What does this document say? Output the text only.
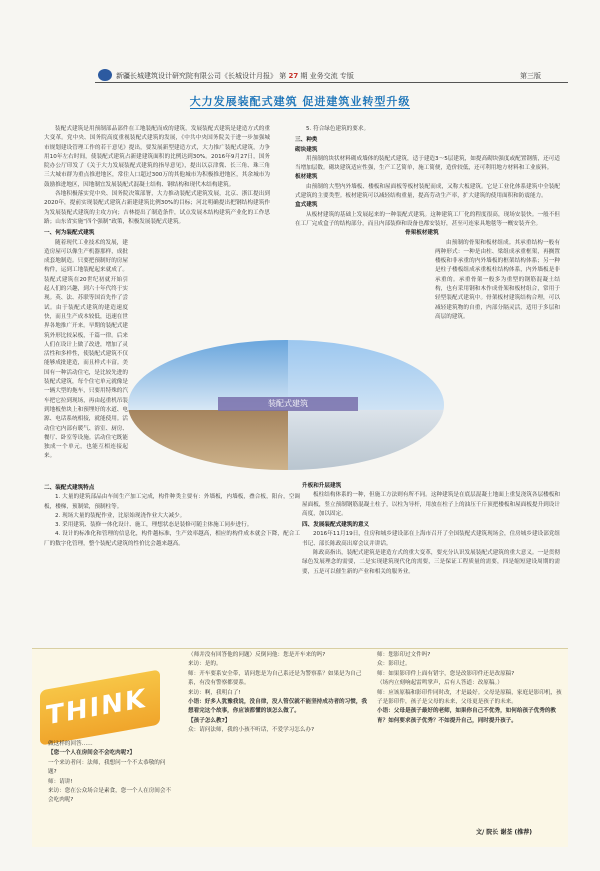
新疆长城建筑设计研究院有限公司《长城设计月报》 第 27 期 业务交流 专版	第三版
大力发展装配式建筑 促进建筑业转型升级

装配式建筑是用预制部品部件在工地装配而成的建筑，发展装配式建筑是建造方式的重大变革。党中央、国务院高度重视装配式建筑的发展，《中共中央国务院关于进一步加强城市规划建设管理工作的若干意见》提出，要发展新型建造方式，大力推广装配式建筑，力争用10年左右时间，使装配式建筑占新建建筑面积的比例达到30%。2016年9月27日，国务院办公厅印发了《关于大力发展装配式建筑的指导意见》，提出以京津冀、长三角、珠三角三大城市群为重点推进地区，常住人口超过300万的其他城市为积极推进地区，其余城市为鼓励推进地区，因地制宜发展装配式混凝土结构、钢结构和现代木结构建筑。

各地积极落实党中央、国务院决策部署，大力推动装配式建筑发展，北京、浙江提出到2020年，提前实现装配式建筑占新建建筑比例30%的目标；河北明确提出把钢结构建筑作为发展装配式建筑的主攻方向；吉林提出了制造条件，试点发展木结构建筑产业化的工作思路；山东省实施“四个强制”政策，积极发展装配式建筑。

一、何为装配式建筑

随着现代工业技术的发展，建造房屋可以像生产机器那样，成批成套地制造。只要把预制好的房屋构件，运到工地装配起来就成了。装配式建筑在20世纪初就开始引起人们的兴趣，到六十年代终于实现。英、法、苏联等国首先作了尝试。由于装配式建筑的建造速度快，而且生产成本较低，迅速在世界各地推广开来。早期的装配式建筑外形比较呆板，千篇一律。后来人们在设计上做了改进，增加了灵活性和多样性，使装配式建筑不仅能够成批建造，而且样式丰富。美国有一种活动住宅，是比较先进的装配式建筑，每个住宅单元就像是一辆大型的拖车，只要用特殊的汽车把它拉到现场，再由起重机吊装到地板垫块上和预埋好的水道、电源、电话系统相接，就能使用。活动住宅内部有暖气、浴室、厨房、餐厅、卧室等设施。活动住宅既能独成一个单元，也能互相连接起来。

5. 符合绿色建筑的要求。

三、种类

砌块建筑

用预制的块状材料砌成墙体的装配式建筑，适于建造3～5层建筑，如提高砌块强度或配置钢筋，还可适当增加层数。砌块建筑适应性强，生产工艺简单，施工简便，造价较低，还可利用地方材料和工业废料。

板材建筑

由预制的大型内外墙板、楼板和屋面板等板材装配而成，又称大板建筑。它是工业化体系建筑中全装配式建筑的主要类型。板材建筑可以减轻结构重量，提高劳动生产率，扩大建筑的使用面积和防震能力。

盒式建筑

从板材建筑的基础上发展起来的一种装配式建筑。这种建筑工厂化的程度很高，现场安装快。一般不但在工厂完成盒子的结构部分，而且内部装修和设备也都安装好，甚至可连家具地毯等一概安装齐全。

骨架板材建筑

由预制的骨架和板材组成。其承重结构一般有两种形式：一种是由柱、梁组成承重框架，再搁置楼板和非承重的内外墙板的框架结构体系；另一种是柱子楼板组成承重板柱结构体系，内外墙板是非承重的。承重骨架一般多为重型的钢筋混凝土结构，也有采用钢和木作成骨架和板材组合，常用于轻型装配式建筑中。骨架板材建筑结构合理，可以减轻建筑物的自重，内部分隔灵活，适用于多层和高层的建筑。

装配式建筑

二、装配式建筑特点

1. 大量的建筑部品由车间生产加工完成，构件种类主要有：外墙板，内墙板，叠合板，阳台，空调板，楼梯，预制梁，预制柱等。

2. 现场大量的装配作业，比原始现浇作业大大减少。

3. 采用建筑、装修一体化设计、施工，理想状态是装修可随主体施工同步进行。

4. 设计的标准化和管理的信息化，构件越标准，生产效率越高，相应的构件成本就会下降，配合工厂的数字化管理，整个装配式建筑的性价比会越来越高。

升板和升层建筑

板柱结构体系的一种，但施工方法则有所不同。这种建筑是在底层混凝土地面上重复浇筑各层楼板和屋面板，竖立预制钢筋混凝土柱子，以柱为导杆，用放在柱子上的油压千斤顶把楼板和屋面板提升到设计高度，加以固定。

四、发展装配式建筑的意义

2016年11月19日，住房和城乡建设部在上海市召开了全国装配式建筑现场会，住房城乡建设部党组书记、部长陈政高出席会议并讲话。

陈政高指出，装配式建筑是建造方式的重大变革，要充分认识发展装配式建筑的重大意义。一是贯彻绿色发展理念的需要，二是实现建筑现代化的需要，三是保证工程质量的需要，四是缩短建设周期的需要，五是可以催生新的产业和相关的服务业。

THINK

做这样的回答……

【您一个人在房间会不会吃肉呢?】

一个来访者问：法师，我想问一个不太恭敬的问题?

师：请讲!

来访：您在公众场合是素食，您一个人在房间会不会吃肉呢?

（师并没有回答他的问题）反倒问他：您是开车来的吗?

来访：是的。

师：开车要系安全带，请问您是为自己系还是为警察系？如果是为自己系，有没有警察都要系。

来访：啊，我明白了!

小语：好多人犹豫我说，没自律，没人管仅就不能坚持成功者的习惯，我想看完这个故事，你应该都懂的该怎么做了。

【孩子怎么教?】

众：请问法师，我的小孩不听话，不爱学习怎么办?

师：您影印过文件吗?

众：影印过。

师：如果影印件上面有错字，您是改影印件还是改原稿?

（场内立刻响起雷鸣掌声，后有人答道：改原稿。）

师：应该原稿和影印件同时改，才是最好。父母是原稿，家庭是影印机，孩子是影印件，孩子是父母的未来，父母更是孩子的未来。

小语：父母是孩子最好的老师，如果你自己不优秀，如何给孩子优秀的教育？如何要求孩子优秀？不如提升自己，同时提升孩子。

文/ 院长 谢荃 (推荐)
